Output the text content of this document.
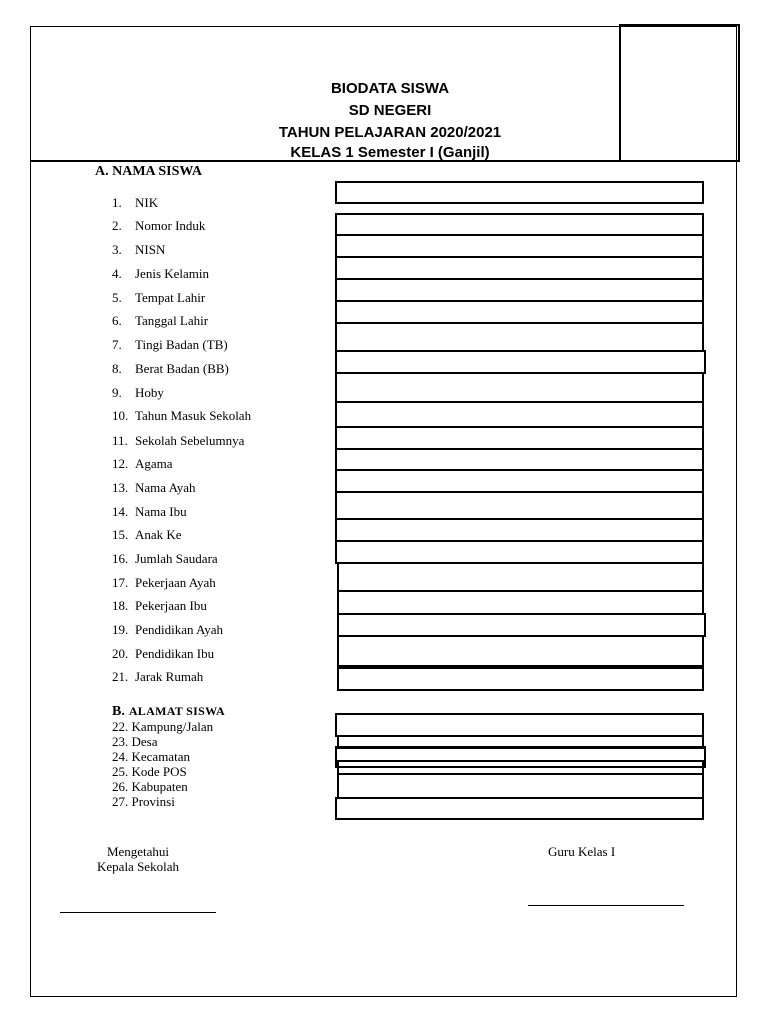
BIODATA SISWA
SD NEGERI
TAHUN PELAJARAN 2020/2021
KELAS 1 Semester I (Ganjil)
A. NAMA SISWA
1. NIK
2. Nomor Induk
3. NISN
4. Jenis Kelamin
5. Tempat Lahir
6. Tanggal Lahir
7. Tingi Badan (TB)
8. Berat Badan (BB)
9. Hoby
10. Tahun Masuk Sekolah
11. Sekolah Sebelumnya
12. Agama
13. Nama Ayah
14. Nama Ibu
15. Anak Ke
16. Jumlah Saudara
17. Pekerjaan Ayah
18. Pekerjaan Ibu
19. Pendidikan Ayah
20. Pendidikan Ibu
21. Jarak Rumah
B. ALAMAT SISWA
22. Kampung/Jalan
23. Desa
24. Kecamatan
25. Kode POS
26. Kabupaten
27. Provinsi
Mengetahui
Kepala Sekolah
Guru Kelas I
